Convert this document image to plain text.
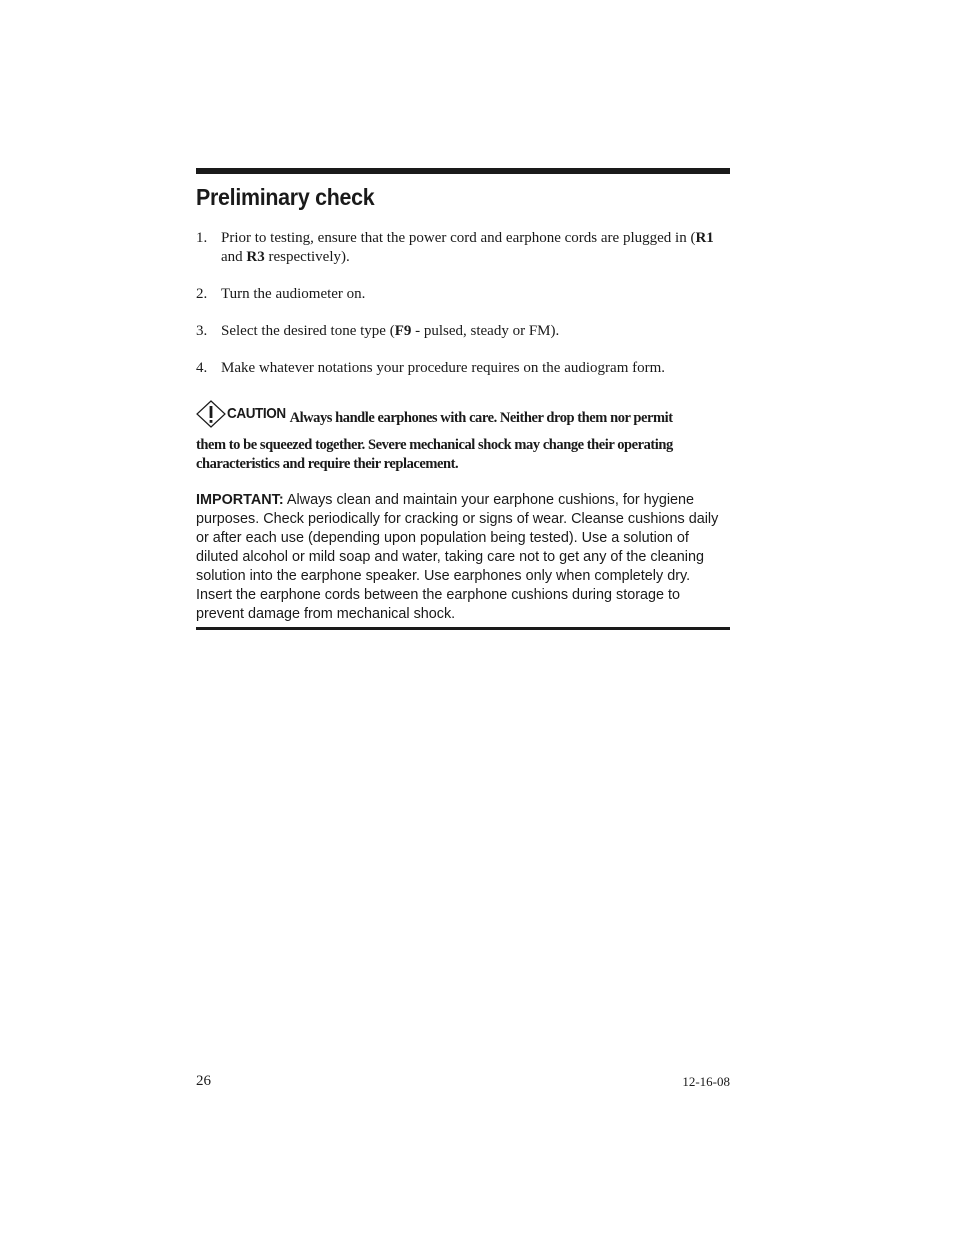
Preliminary check
1. Prior to testing, ensure that the power cord and earphone cords are plugged in (R1 and R3 respectively).
2. Turn the audiometer on.
3. Select the desired tone type (F9 - pulsed, steady or FM).
4. Make whatever notations your procedure requires on the audiogram form.
CAUTION Always handle earphones with care. Neither drop them nor permit
them to be squeezed together. Severe mechanical shock may change their operating characteristics and require their replacement.
IMPORTANT: Always clean and maintain your earphone cushions, for hygiene purposes. Check periodically for cracking or signs of wear. Cleanse cushions daily or after each use (depending upon population being tested). Use a solution of diluted alcohol or mild soap and water, taking care not to get any of the cleaning solution into the earphone speaker. Use earphones only when completely dry. Insert the earphone cords between the earphone cushions during storage to prevent damage from mechanical shock.
26	12-16-08
